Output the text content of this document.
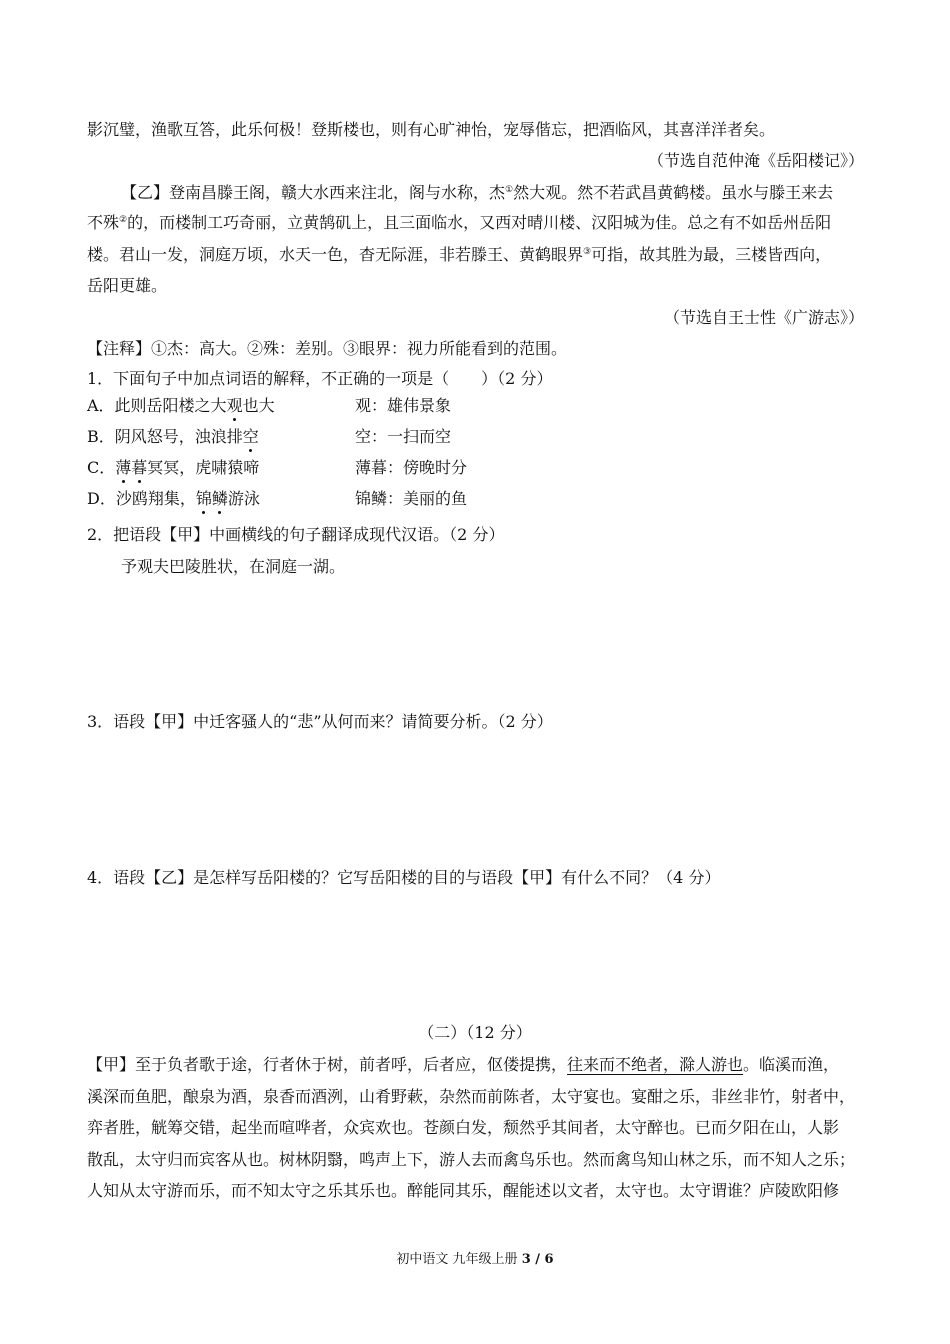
影沉璧，渔歌互答，此乐何极！登斯楼也，则有心旷神怡，宠辱偕忘，把酒临风，其喜洋洋者矣。
（节选自范仲淹《岳阳楼记》）
【乙】登南昌滕王阁，赣大水西来注北，阁与水称，杰①然大观。然不若武昌黄鹤楼。虽水与滕王来去
不殊②的，而楼制工巧奇丽，立黄鹄矶上，且三面临水，又西对晴川楼、汉阳城为佳。总之有不如岳州岳阳
楼。君山一发，洞庭万顷，水天一色，杳无际涯，非若滕王、黄鹤眼界③可指，故其胜为最，三楼皆西向，
岳阳更雄。
（节选自王士性《广游志》）
【注释】①杰：高大。②殊：差别。③眼界：视力所能看到的范围。
1．下面句子中加点词语的解释，不正确的一项是（　　）（2 分）
A．此则岳阳楼之大观也大	观：雄伟景象
B．阴风怒号，浊浪排空	空：一扫而空
C．薄暮冥冥，虎啸猿啼	薄暮：傍晚时分
D．沙鸥翔集，锦鳞游泳	锦鳞：美丽的鱼
2．把语段【甲】中画横线的句子翻译成现代汉语。（2 分）
予观夫巴陵胜状，在洞庭一湖。
3．语段【甲】中迁客骚人的“悲”从何而来？请简要分析。（2 分）
4．语段【乙】是怎样写岳阳楼的？它写岳阳楼的目的与语段【甲】有什么不同？（4 分）
（二）（12 分）
【甲】至于负者歌于途，行者休于树，前者呼，后者应，伛偻提携，往来而不绝者，滁人游也。临溪而渔，
溪深而鱼肥，酿泉为酒，泉香而酒洌，山肴野蔌，杂然而前陈者，太守宴也。宴酣之乐，非丝非竹，射者中，
弈者胜，觥筹交错，起坐而喧哗者，众宾欢也。苍颜白发，颓然乎其间者，太守醉也。已而夕阳在山，人影
散乱，太守归而宾客从也。树林阴翳，鸣声上下，游人去而禽鸟乐也。然而禽鸟知山林之乐，而不知人之乐；
人知从太守游而乐，而不知太守之乐其乐也。醉能同其乐，醒能述以文者，太守也。太守谓谁？庐陵欧阳修
初中语文 九年级上册 3 / 6
